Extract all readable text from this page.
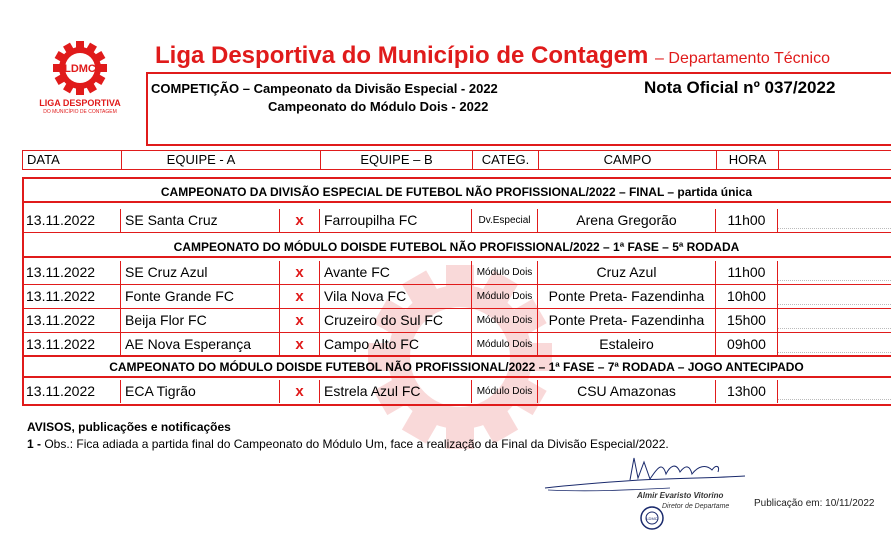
LDMC
LIGA DESPORTIVA
DO MUNICÍPIO DE CONTAGEM
Liga Desportiva do Município de Contagem – Departamento Técnico
COMPETIÇÃO – Campeonato da Divisão Especial - 2022
Campeonato do Módulo Dois - 2022
Nota Oficial nº 037/2022
DATA	EQUIPE - A	EQUIPE – B	CATEG.	CAMPO	HORA
CAMPEONATO DA DIVISÃO ESPECIAL DE FUTEBOL NÃO PROFISSIONAL/2022 – FINAL – partida única
13.11.2022	SE Santa Cruz	x	Farroupilha FC	Dv.Especial	Arena Gregorão	11h00
CAMPEONATO DO MÓDULO DOISDE FUTEBOL NÃO PROFISSIONAL/2022 – 1ª FASE – 5ª RODADA
13.11.2022	SE Cruz Azul	x	Avante FC	Módulo Dois	Cruz Azul	11h00
13.11.2022	Fonte Grande FC	x	Vila Nova FC	Módulo Dois	Ponte Preta- Fazendinha	10h00
13.11.2022	Beija Flor FC	x	Cruzeiro do Sul FC	Módulo Dois	Ponte Preta- Fazendinha	15h00
13.11.2022	AE Nova Esperança	x	Campo Alto FC	Módulo Dois	Estaleiro	09h00
CAMPEONATO DO MÓDULO DOISDE FUTEBOL NÃO PROFISSIONAL/2022 – 1ª FASE – 7ª RODADA – JOGO ANTECIPADO
13.11.2022	ECA Tigrão	x	Estrela Azul FC	Módulo Dois	CSU Amazonas	13h00
AVISOS, publicações e notificações
1 - Obs.: Fica adiada a partida final do Campeonato do Módulo Um, face a realização da Final da Divisão Especial/2022.
LDMC
Almir Evaristo Vitorino
Diretor de Departame Publicação em: 10/11/2022
